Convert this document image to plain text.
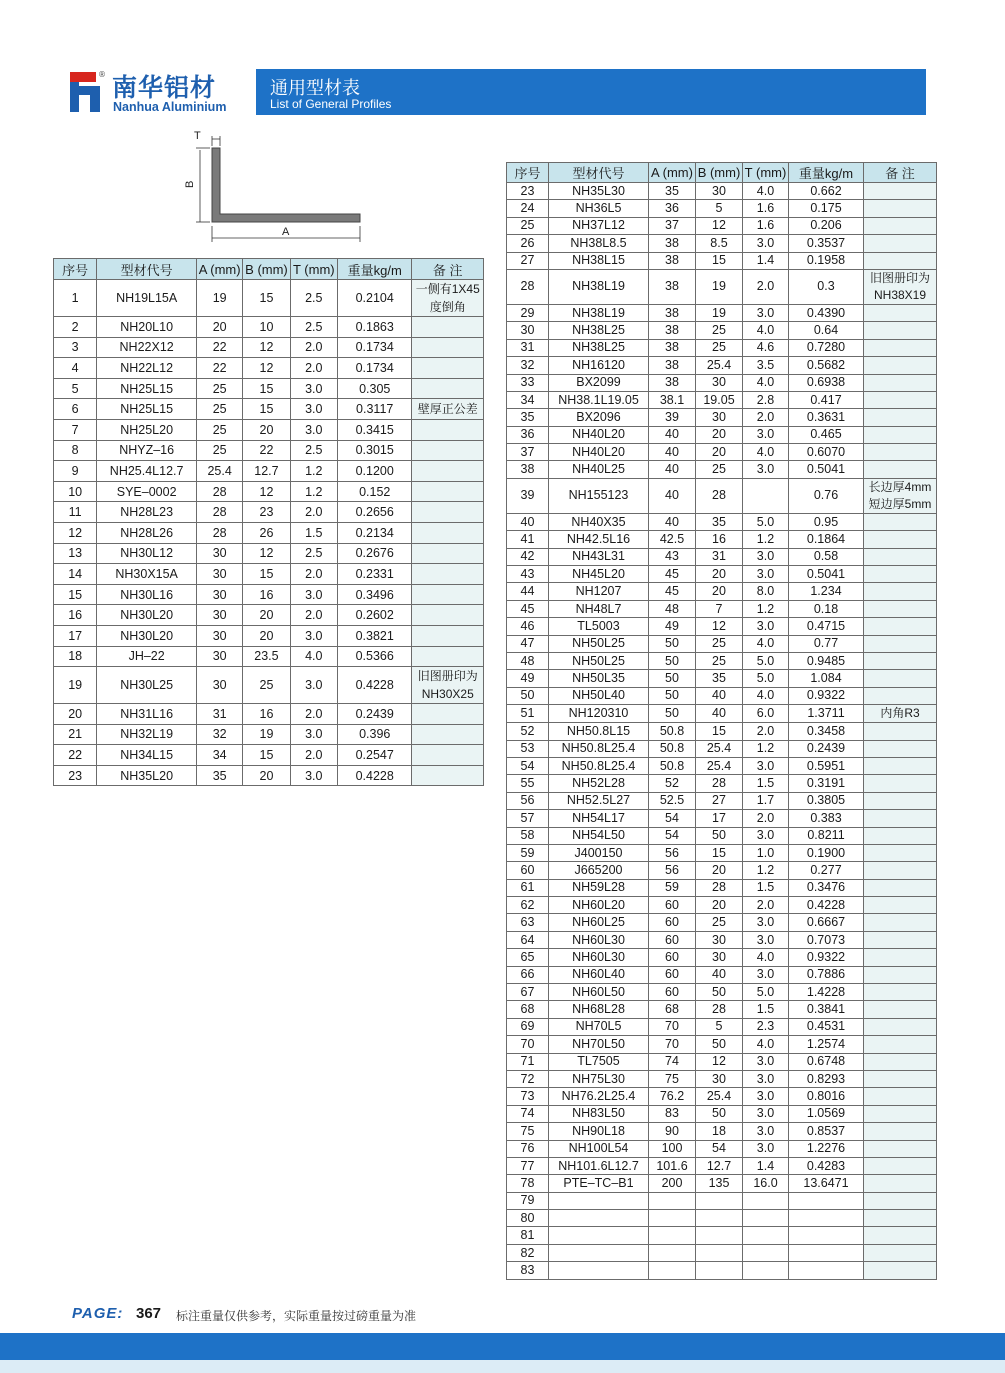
® 南华铝材
Nanhua Aluminium
通用型材表
List of General Profiles
T
B
A
序号	型材代号	A (mm)	B (mm)	T (mm)	重量kg/m	备 注
1	NH19L15A	19	15	2.5	0.2104	一侧有1X45度倒角
2	NH20L10	20	10	2.5	0.1863	
3	NH22X12	22	12	2.0	0.1734	
4	NH22L12	22	12	2.0	0.1734	
5	NH25L15	25	15	3.0	0.305	
6	NH25L15	25	15	3.0	0.3117	壁厚正公差
7	NH25L20	25	20	3.0	0.3415	
8	NHYZ–16	25	22	2.5	0.3015	
9	NH25.4L12.7	25.4	12.7	1.2	0.1200	
10	SYE–0002	28	12	1.2	0.152	
11	NH28L23	28	23	2.0	0.2656	
12	NH28L26	28	26	1.5	0.2134	
13	NH30L12	30	12	2.5	0.2676	
14	NH30X15A	30	15	2.0	0.2331	
15	NH30L16	30	16	3.0	0.3496	
16	NH30L20	30	20	2.0	0.2602	
17	NH30L20	30	20	3.0	0.3821	
18	JH–22	30	23.5	4.0	0.5366	
19	NH30L25	30	25	3.0	0.4228	旧图册印为NH30X25
20	NH31L16	31	16	2.0	0.2439	
21	NH32L19	32	19	3.0	0.396	
22	NH34L15	34	15	2.0	0.2547	
23	NH35L20	35	20	3.0	0.4228	
序号	型材代号	A (mm)	B (mm)	T (mm)	重量kg/m	备 注
23	NH35L30	35	30	4.0	0.662	
24	NH36L5	36	5	1.6	0.175	
25	NH37L12	37	12	1.6	0.206	
26	NH38L8.5	38	8.5	3.0	0.3537	
27	NH38L15	38	15	1.4	0.1958	
28	NH38L19	38	19	2.0	0.3	旧图册印为NH38X19
29	NH38L19	38	19	3.0	0.4390	
30	NH38L25	38	25	4.0	0.64	
31	NH38L25	38	25	4.6	0.7280	
32	NH16120	38	25.4	3.5	0.5682	
33	BX2099	38	30	4.0	0.6938	
34	NH38.1L19.05	38.1	19.05	2.8	0.417	
35	BX2096	39	30	2.0	0.3631	
36	NH40L20	40	20	3.0	0.465	
37	NH40L20	40	20	4.0	0.6070	
38	NH40L25	40	25	3.0	0.5041	
39	NH155123	40	28		0.76	长边厚4mm短边厚5mm
40	NH40X35	40	35	5.0	0.95	
41	NH42.5L16	42.5	16	1.2	0.1864	
42	NH43L31	43	31	3.0	0.58	
43	NH45L20	45	20	3.0	0.5041	
44	NH1207	45	20	8.0	1.234	
45	NH48L7	48	7	1.2	0.18	
46	TL5003	49	12	3.0	0.4715	
47	NH50L25	50	25	4.0	0.77	
48	NH50L25	50	25	5.0	0.9485	
49	NH50L35	50	35	5.0	1.084	
50	NH50L40	50	40	4.0	0.9322	
51	NH120310	50	40	6.0	1.3711	内角R3
52	NH50.8L15	50.8	15	2.0	0.3458	
53	NH50.8L25.4	50.8	25.4	1.2	0.2439	
54	NH50.8L25.4	50.8	25.4	3.0	0.5951	
55	NH52L28	52	28	1.5	0.3191	
56	NH52.5L27	52.5	27	1.7	0.3805	
57	NH54L17	54	17	2.0	0.383	
58	NH54L50	54	50	3.0	0.8211	
59	J400150	56	15	1.0	0.1900	
60	J665200	56	20	1.2	0.277	
61	NH59L28	59	28	1.5	0.3476	
62	NH60L20	60	20	2.0	0.4228	
63	NH60L25	60	25	3.0	0.6667	
64	NH60L30	60	30	3.0	0.7073	
65	NH60L30	60	30	4.0	0.9322	
66	NH60L40	60	40	3.0	0.7886	
67	NH60L50	60	50	5.0	1.4228	
68	NH68L28	68	28	1.5	0.3841	
69	NH70L5	70	5	2.3	0.4531	
70	NH70L50	70	50	4.0	1.2574	
71	TL7505	74	12	3.0	0.6748	
72	NH75L30	75	30	3.0	0.8293	
73	NH76.2L25.4	76.2	25.4	3.0	0.8016	
74	NH83L50	83	50	3.0	1.0569	
75	NH90L18	90	18	3.0	0.8537	
76	NH100L54	100	54	3.0	1.2276	
77	NH101.6L12.7	101.6	12.7	1.4	0.4283	
78	PTE–TC–B1	200	135	16.0	13.6471	
79						
80						
81						
82						
83						
PAGE: 367 标注重量仅供参考，实际重量按过磅重量为准
